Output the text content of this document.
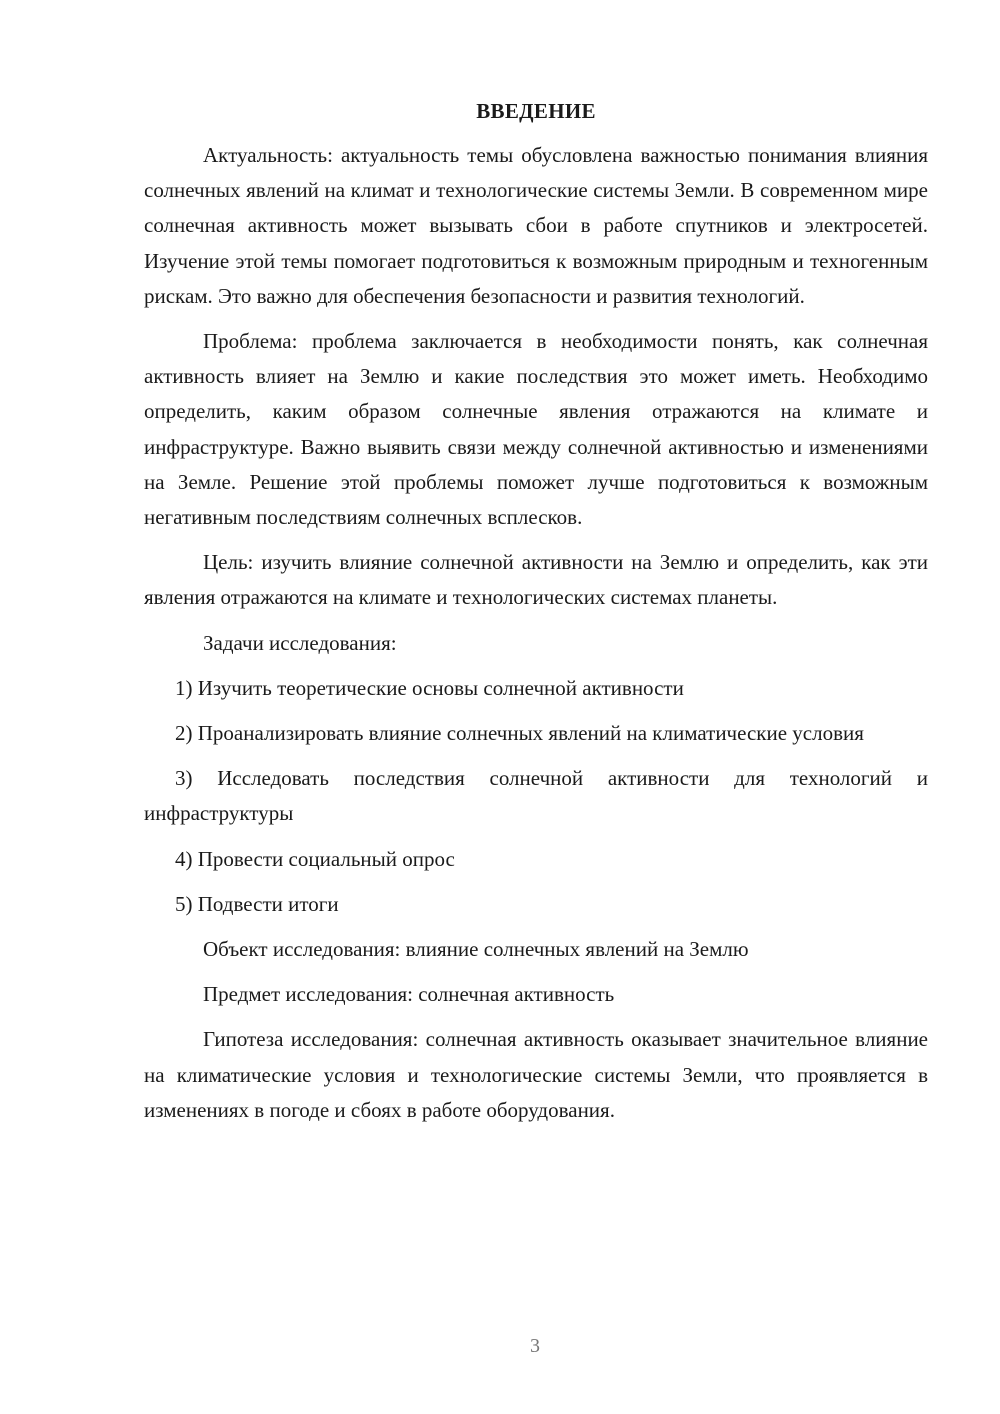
ВВЕДЕНИЕ

Актуальность: актуальность темы обусловлена важностью понимания влияния солнечных явлений на климат и технологические системы Земли. В современном мире солнечная активность может вызывать сбои в работе спутников и электросетей. Изучение этой темы помогает подготовиться к возможным природным и техногенным рискам. Это важно для обеспечения безопасности и развития технологий.

Проблема: проблема заключается в необходимости понять, как солнечная активность влияет на Землю и какие последствия это может иметь. Необходимо определить, каким образом солнечные явления отражаются на климате и инфраструктуре. Важно выявить связи между солнечной активностью и изменениями на Земле. Решение этой проблемы поможет лучше подготовиться к возможным негативным последствиям солнечных всплесков.

Цель: изучить влияние солнечной активности на Землю и определить, как эти явления отражаются на климате и технологических системах планеты.

Задачи исследования:

1) Изучить теоретические основы солнечной активности

2) Проанализировать влияние солнечных явлений на климатические условия

3) Исследовать последствия солнечной активности для технологий и инфраструктуры

4) Провести социальный опрос

5) Подвести итоги

Объект исследования: влияние солнечных явлений на Землю

Предмет исследования: солнечная активность

Гипотеза исследования: солнечная активность оказывает значительное влияние на климатические условия и технологические системы Земли, что проявляется в изменениях в погоде и сбоях в работе оборудования.

3
